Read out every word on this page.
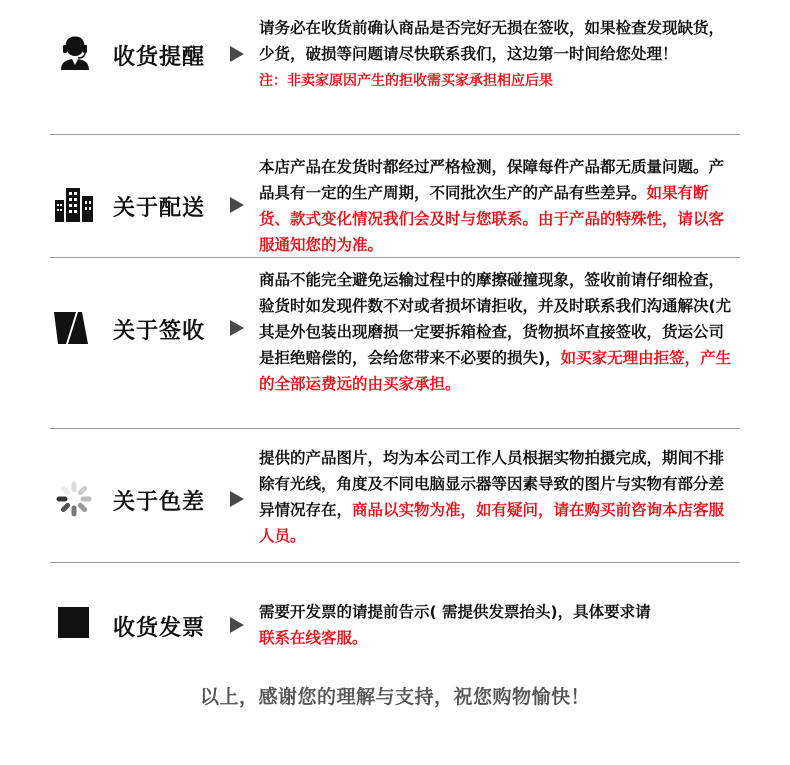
收货提醒
请务必在收货前确认商品是否完好无损在签收，如果检查发现缺货，少货，破损等问题请尽快联系我们，这边第一时间给您处理！
注：非卖家原因产生的拒收需买家承担相应后果
关于配送
本店产品在发货时都经过严格检测，保障每件产品都无质量问题。产品具有一定的生产周期，不同批次生产的产品有些差异。如果有断货、款式变化情况我们会及时与您联系。由于产品的特殊性，请以客服通知您的为准。
关于签收
商品不能完全避免运输过程中的摩擦碰撞现象，签收前请仔细检查，验货时如发现件数不对或者损坏请拒收，并及时联系我们沟通解决(尤其是外包装出现磨损一定要拆箱检查，货物损坏直接签收，货运公司是拒绝赔偿的，会给您带来不必要的损失)，如买家无理由拒签，产生的全部运费远的由买家承担。
关于色差
提供的产品图片，均为本公司工作人员根据实物拍摄完成，期间不排除有光线，角度及不同电脑显示器等因素导致的图片与实物有部分差异情况存在，商品以实物为准，如有疑问，请在购买前咨询本店客服人员。
收货发票
需要开发票的请提前告示( 需提供发票抬头)，具体要求请
联系在线客服。
以上，感谢您的理解与支持，祝您购物愉快！
